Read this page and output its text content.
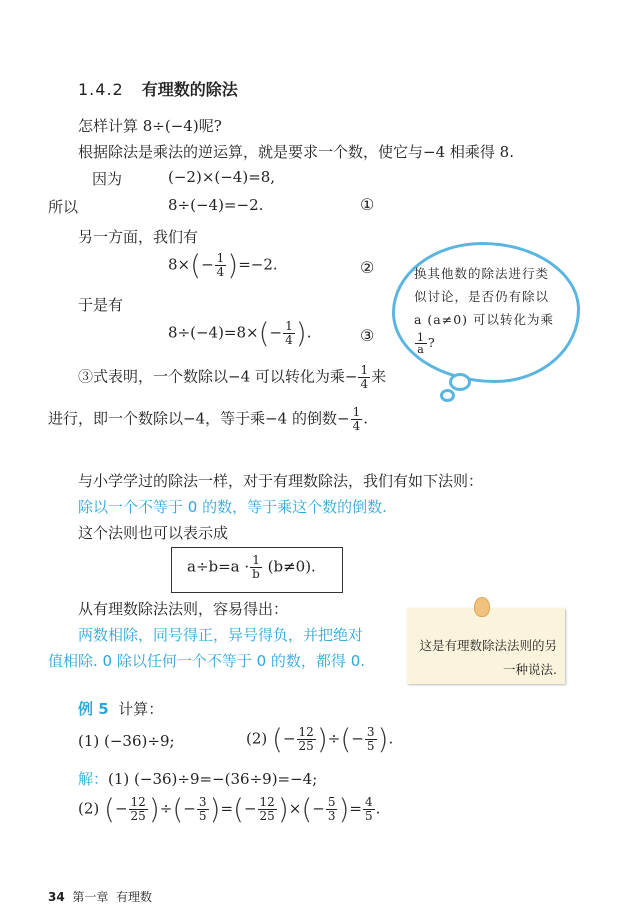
1.4.2 有理数的除法
怎样计算 8÷(−4)呢?
根据除法是乘法的逆运算，就是要求一个数，使它与−4 相乘得 8.
因为	(−2)×(−4)=8,
所以	8÷(−4)=−2.	①
另一方面，我们有
$8\times(- \frac{1}{4} )=-2$.	②
于是有
$8\div(-4)=8\times(- \frac{1}{4}$ ).	③
③式表明，一个数除以−4 可以转化为乘− $\frac{1}{4}$ 来
进行，即一个数除以−4，等于乘−4 的倒数− $\frac{1}{4}$ .
换其他数的除法进行类似讨论，是否仍有除以 a (a≠0) 可以转化为乘
$\frac{1}{a}$ ?
与小学学过的除法一样，对于有理数除法，我们有如下法则：
除以一个不等于 0 的数，等于乘这个数的倒数.
这个法则也可以表示成
$a\div b=a \cdot \frac{1}{b} (b\ne 0)$.
从有理数除法法则，容易得出：
两数相除，同号得正，异号得负，并把绝对
值相除. 0 除以任何一个不等于 0 的数，都得 0.
这是有理数除法法则的另一种说法.
例 5 计算：
(1) (−36)÷9;	(2) (− $\frac{12}{25}$ )÷(− $\frac{3}{5}$ ).
解：(1) (−36)÷9=−(36÷9)=−4;
(2) (− $\frac{12}{25}$ )÷(− $\frac{3}{5}$ )=(− $\frac{12}{25}$ )×(− $\frac{5}{3}$ )= $\frac{4}{5}$ .
34 第一章 有理数
